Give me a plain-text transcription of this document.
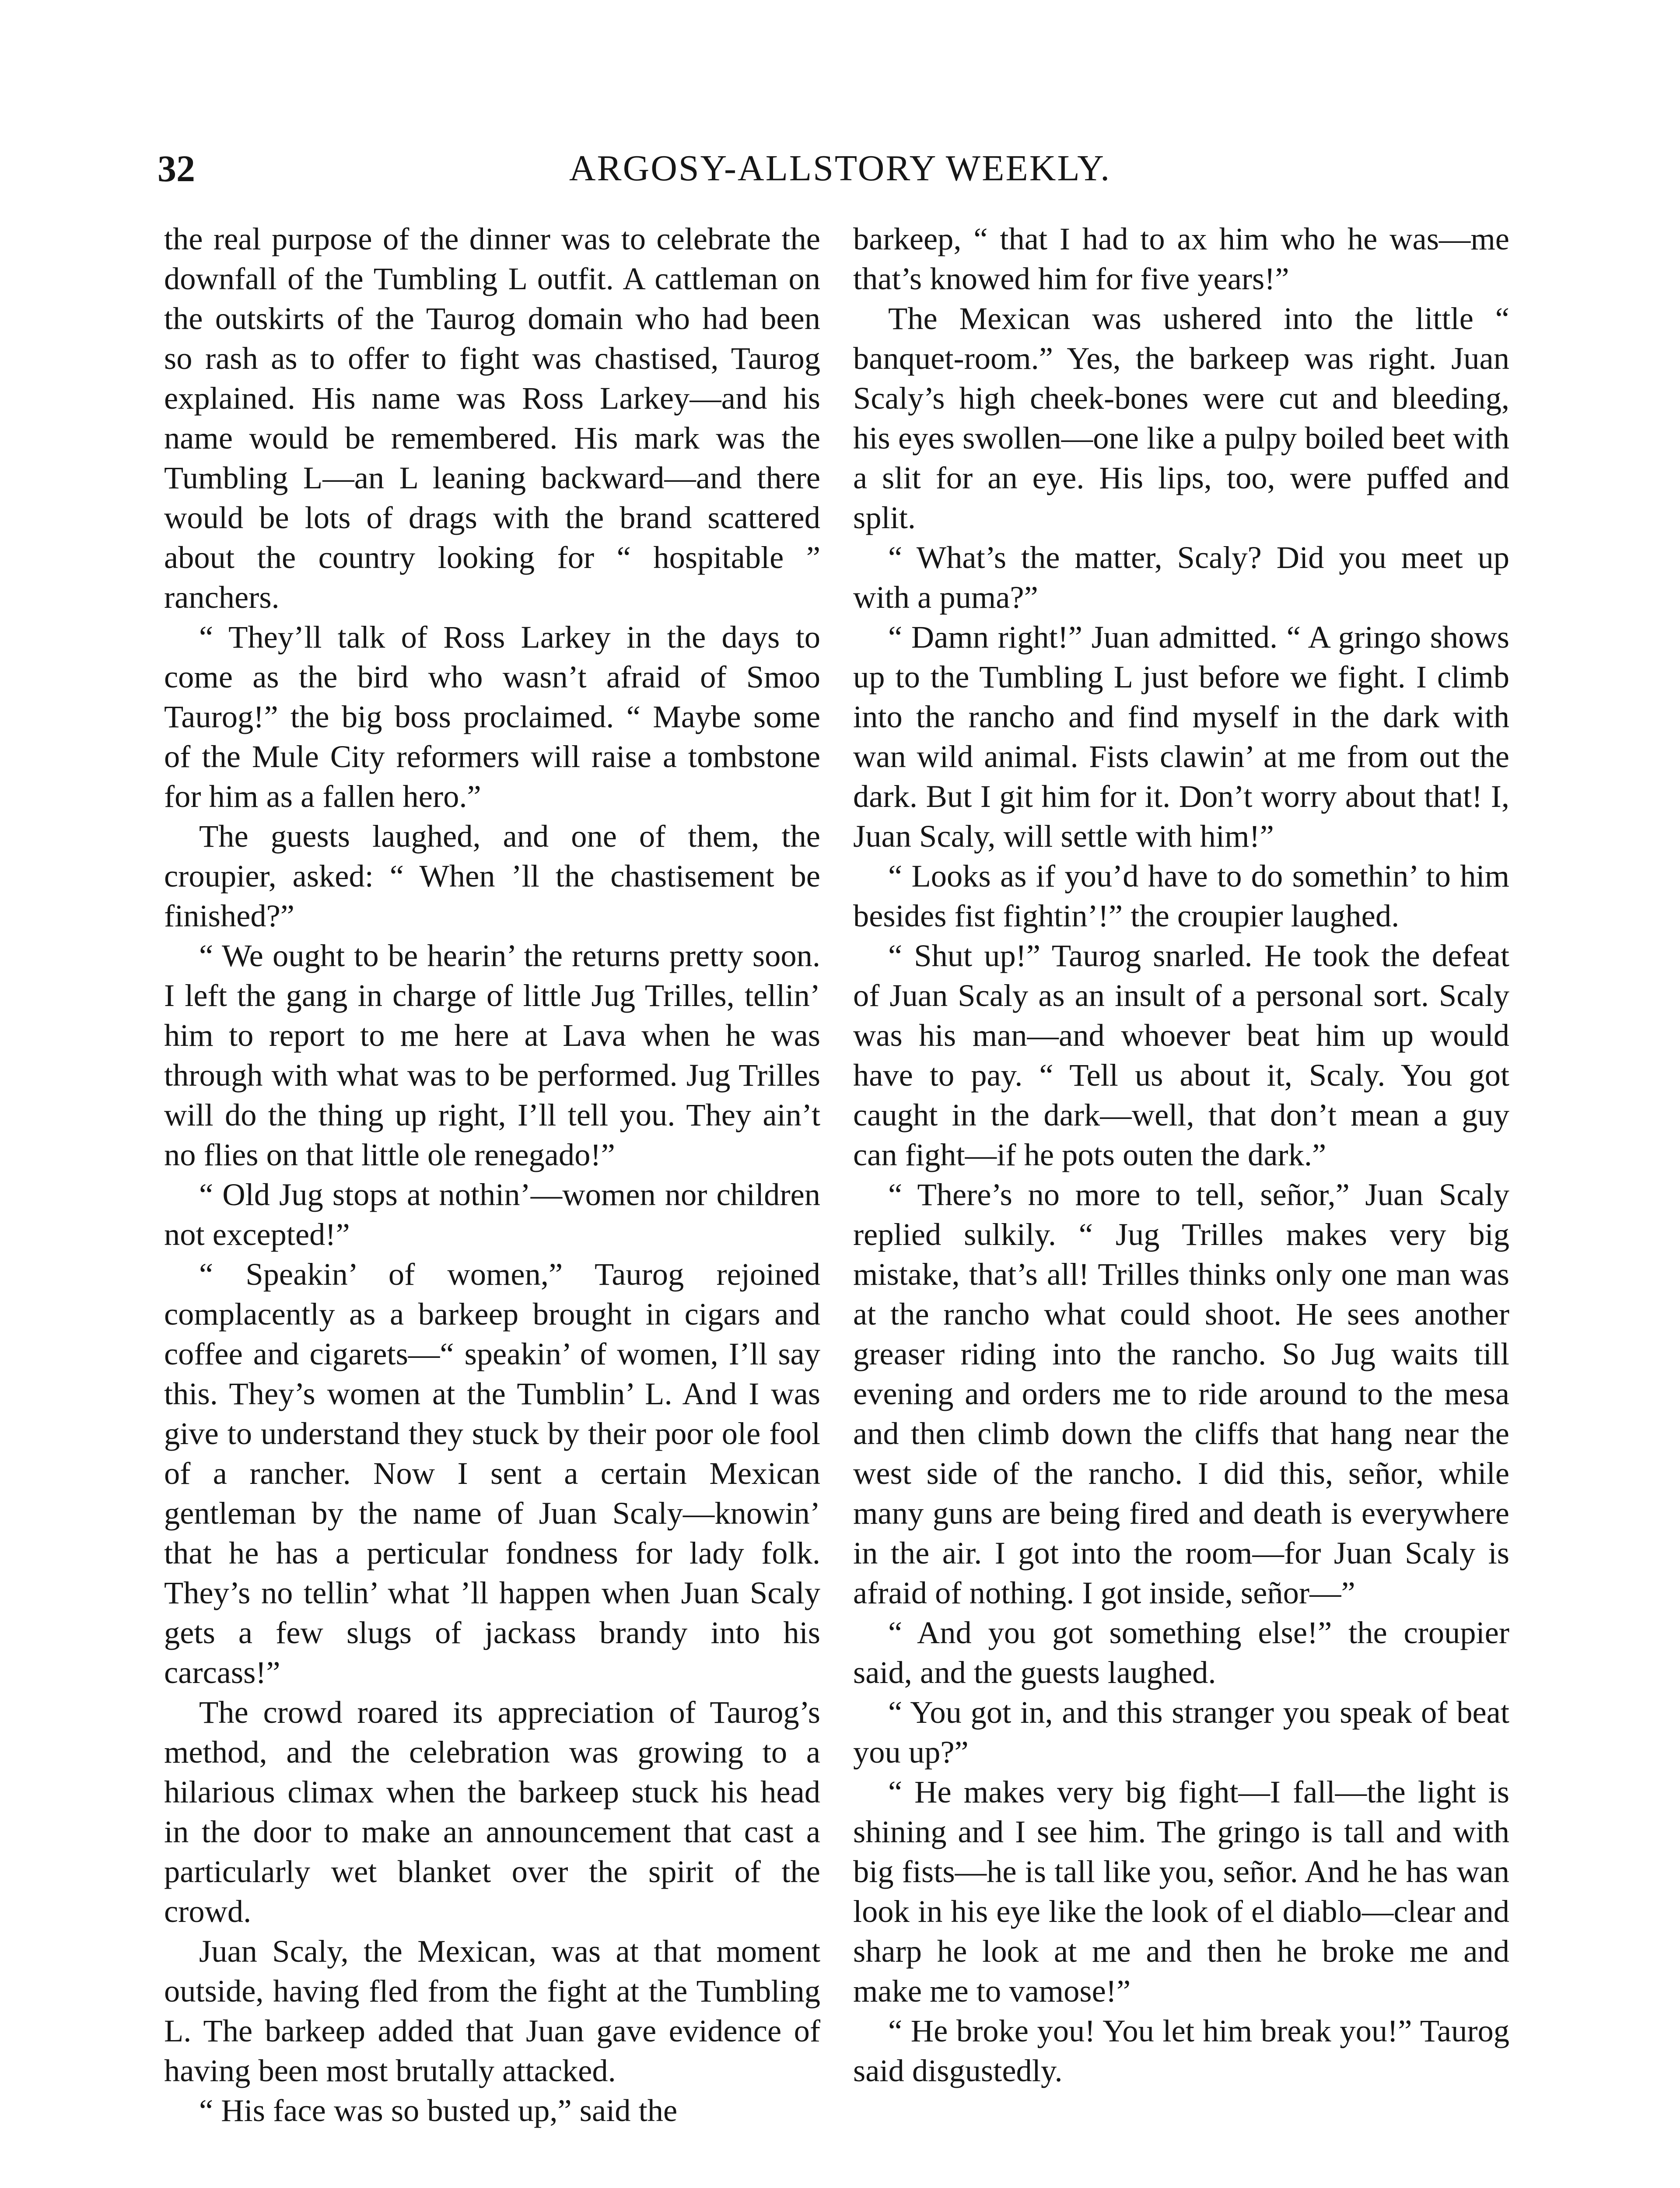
32	ARGOSY-ALLSTORY WEEKLY.

the real purpose of the dinner was to celebrate the downfall of the Tumbling L outfit. A cattleman on the outskirts of the Taurog domain who had been so rash as to offer to fight was chastised, Taurog explained. His name was Ross Larkey—and his name would be remembered. His mark was the Tumbling L—an L leaning backward—and there would be lots of drags with the brand scattered about the country looking for “ hospitable ” ranchers.

“ They’ll talk of Ross Larkey in the days to come as the bird who wasn’t afraid of Smoo Taurog!” the big boss proclaimed. “ Maybe some of the Mule City reformers will raise a tombstone for him as a fallen hero.”

The guests laughed, and one of them, the croupier, asked: “ When ’ll the chastisement be finished?”

“ We ought to be hearin’ the returns pretty soon. I left the gang in charge of little Jug Trilles, tellin’ him to report to me here at Lava when he was through with what was to be performed. Jug Trilles will do the thing up right, I’ll tell you. They ain’t no flies on that little ole renegado!”

“ Old Jug stops at nothin’—women nor children not excepted!”

“ Speakin’ of women,” Taurog rejoined complacently as a barkeep brought in cigars and coffee and cigarets—“ speakin’ of women, I’ll say this. They’s women at the Tumblin’ L. And I was give to understand they stuck by their poor ole fool of a rancher. Now I sent a certain Mexican gentleman by the name of Juan Scaly—knowin’ that he has a perticular fondness for lady folk. They’s no tellin’ what ’ll happen when Juan Scaly gets a few slugs of jackass brandy into his carcass!”

The crowd roared its appreciation of Taurog’s method, and the celebration was growing to a hilarious climax when the barkeep stuck his head in the door to make an announcement that cast a particularly wet blanket over the spirit of the crowd.

Juan Scaly, the Mexican, was at that moment outside, having fled from the fight at the Tumbling L. The barkeep added that Juan gave evidence of having been most brutally attacked.

“ His face was so busted up,” said the

barkeep, “ that I had to ax him who he was—me that’s knowed him for five years!”

The Mexican was ushered into the little “ banquet-room.” Yes, the barkeep was right. Juan Scaly’s high cheek-bones were cut and bleeding, his eyes swollen—one like a pulpy boiled beet with a slit for an eye. His lips, too, were puffed and split.

“ What’s the matter, Scaly? Did you meet up with a puma?”

“ Damn right!” Juan admitted. “ A gringo shows up to the Tumbling L just before we fight. I climb into the rancho and find myself in the dark with wan wild animal. Fists clawin’ at me from out the dark. But I git him for it. Don’t worry about that! I, Juan Scaly, will settle with him!”

“ Looks as if you’d have to do somethin’ to him besides fist fightin’!” the croupier laughed.

“ Shut up!” Taurog snarled. He took the defeat of Juan Scaly as an insult of a personal sort. Scaly was his man—and whoever beat him up would have to pay. “ Tell us about it, Scaly. You got caught in the dark—well, that don’t mean a guy can fight—if he pots outen the dark.”

“ There’s no more to tell, señor,” Juan Scaly replied sulkily. “ Jug Trilles makes very big mistake, that’s all! Trilles thinks only one man was at the rancho what could shoot. He sees another greaser riding into the rancho. So Jug waits till evening and orders me to ride around to the mesa and then climb down the cliffs that hang near the west side of the rancho. I did this, señor, while many guns are being fired and death is everywhere in the air. I got into the room—for Juan Scaly is afraid of nothing. I got inside, señor—”

“ And you got something else!” the croupier said, and the guests laughed.

“ You got in, and this stranger you speak of beat you up?”

“ He makes very big fight—I fall—the light is shining and I see him. The gringo is tall and with big fists—he is tall like you, señor. And he has wan look in his eye like the look of el diablo—clear and sharp he look at me and then he broke me and make me to vamose!”

“ He broke you! You let him break you!” Taurog said disgustedly.
